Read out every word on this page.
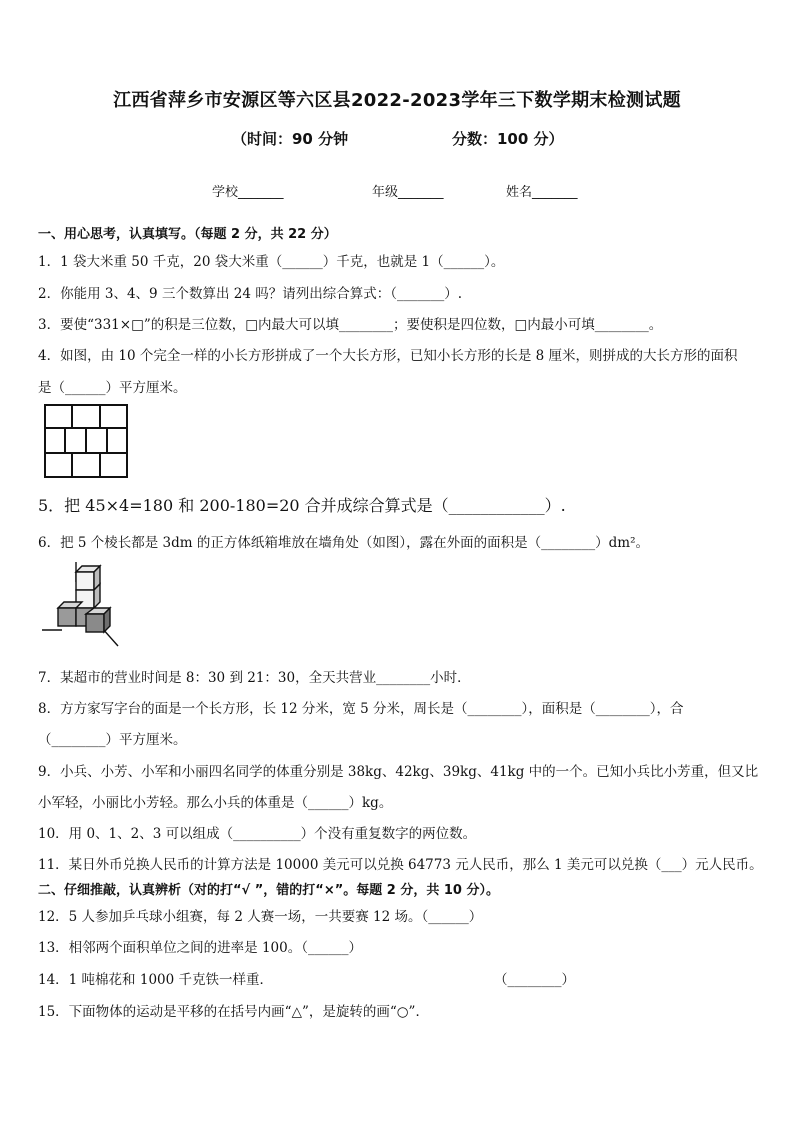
江西省萍乡市安源区等六区县2022-2023学年三下数学期末检测试题
（时间：90 分钟	分数：100 分）
学校_______	年级_______	姓名_______
一、用心思考，认真填写。（每题 2 分，共 22 分）
1．1 袋大米重 50 千克，20 袋大米重（______）千克，也就是 1（______）。
2．你能用 3、4、9 三个数算出 24 吗？请列出综合算式：（_______）.
3．要使“331×□”的积是三位数，□内最大可以填________；要使积是四位数，□内最小可填________。
4．如图，由 10 个完全一样的小长方形拼成了一个大长方形，已知小长方形的长是 8 厘米，则拼成的大长方形的面积
是（______）平方厘米。
5．把 45×4=180 和 200-180=20 合并成综合算式是（____________）.
6．把 5 个棱长都是 3dm 的正方体纸箱堆放在墙角处（如图），露在外面的面积是（________）dm²。
7．某超市的营业时间是 8：30 到 21：30，全天共营业________小时．
8．方方家写字台的面是一个长方形，长 12 分米，宽 5 分米，周长是（________），面积是（________），合
（________）平方厘米。
9．小兵、小芳、小军和小丽四名同学的体重分别是 38kg、42kg、39kg、41kg 中的一个。已知小兵比小芳重，但又比
小军轻，小丽比小芳轻。那么小兵的体重是（______）kg。
10．用 0、1、2、3 可以组成（__________）个没有重复数字的两位数。
11．某日外币兑换人民币的计算方法是 10000 美元可以兑换 64773 元人民币，那么 1 美元可以兑换（___）元人民币。
二、仔细推敲，认真辨析（对的打“√ ”，错的打“×”。每题 2 分，共 10 分）。
12．5 人参加乒乓球小组赛，每 2 人赛一场，一共要赛 12 场。（______）
13．相邻两个面积单位之间的进率是 100。（______）
14．1 吨棉花和 1000 千克铁一样重．	（________）
15．下面物体的运动是平移的在括号内画“△”，是旋转的画“○”．
